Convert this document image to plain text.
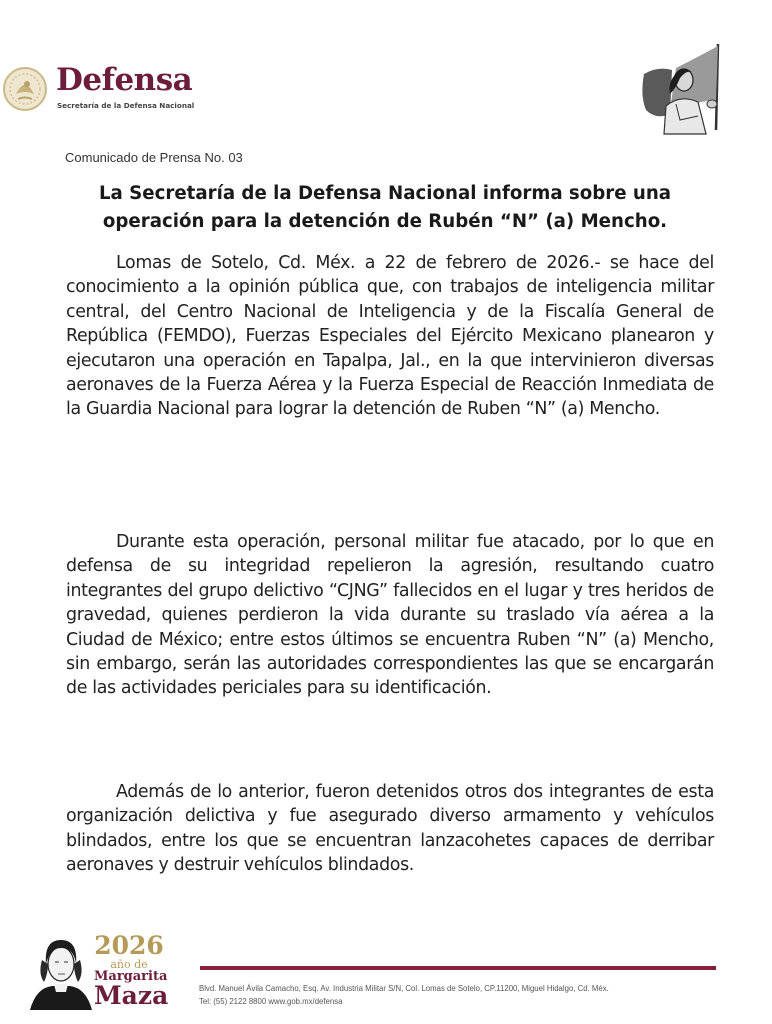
Defensa
Secretaría de la Defensa Nacional
Comunicado de Prensa No. 03
La Secretaría de la Defensa Nacional informa sobre una operación para la detención de Rubén “N” (a) Mencho.

Lomas de Sotelo, Cd. Méx. a 22 de febrero de 2026.- se hace del conocimiento a la opinión pública que, con trabajos de inteligencia militar central, del Centro Nacional de Inteligencia y de la Fiscalía General de República (FEMDO), Fuerzas Especiales del Ejército Mexicano planearon y ejecutaron una operación en Tapalpa, Jal., en la que intervinieron diversas aeronaves de la Fuerza Aérea y la Fuerza Especial de Reacción Inmediata de la Guardia Nacional para lograr la detención de Ruben “N” (a) Mencho.

Durante esta operación, personal militar fue atacado, por lo que en defensa de su integridad repelieron la agresión, resultando cuatro integrantes del grupo delictivo “CJNG” fallecidos en el lugar y tres heridos de gravedad, quienes perdieron la vida durante su traslado vía aérea a la Ciudad de México; entre estos últimos se encuentra Ruben “N” (a) Mencho, sin embargo, serán las autoridades correspondientes las que se encargarán de las actividades periciales para su identificación.

Además de lo anterior, fueron detenidos otros dos integrantes de esta organización delictiva y fue asegurado diverso armamento y vehículos blindados, entre los que se encuentran lanzacohetes capaces de derribar aeronaves y destruir vehículos blindados.

2026
año de
Margarita
Maza	Blvd. Manuel Ávila Camacho, Esq. Av. Industria Militar S/N, Col. Lomas de Sotelo, CP.11200, Miguel Hidalgo, Cd. Méx.
Tel: (55) 2122 8800 www.gob.mx/defensa
